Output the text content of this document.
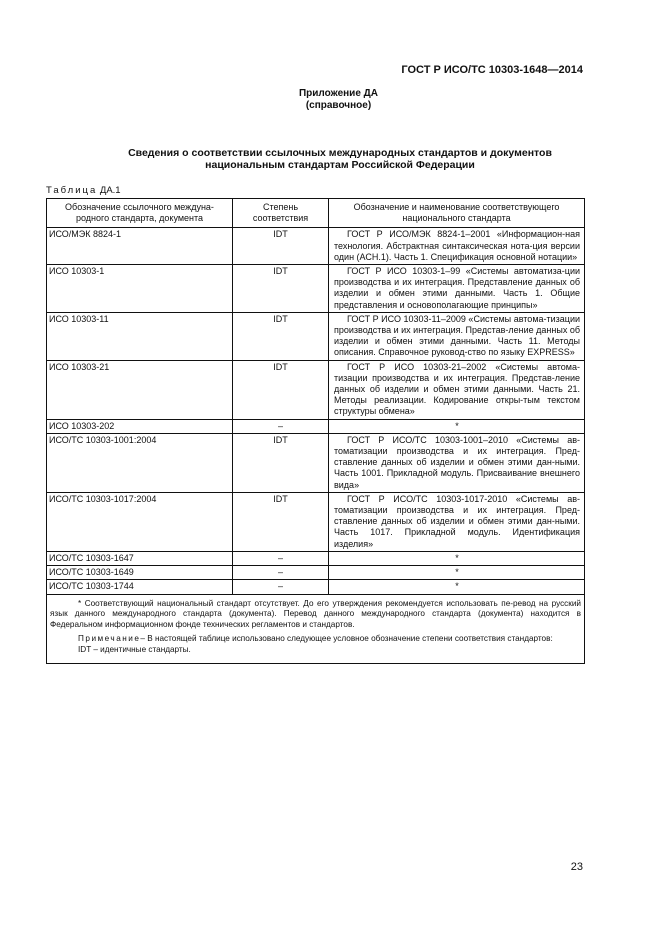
ГОСТ Р ИСО/ТС 10303-1648—2014
Приложение ДА
(справочное)
Сведения о соответствии ссылочных международных стандартов и документов
национальным стандартам Российской Федерации
Таблица ДА.1
Обозначение ссылочного междуна-родного стандарта, документа	Степень соответствия	Обозначение и наименование соответствующего национального стандарта
ИСО/МЭК 8824-1	IDT	ГОСТ Р ИСО/МЭК 8824-1–2001 «Информацион-ная технология. Абстрактная синтаксическая нота-ция версии один (АСН.1). Часть 1. Спецификация основной нотации»
ИСО 10303-1	IDT	ГОСТ Р ИСО 10303-1–99 «Системы автоматиза-ции производства и их интеграция. Представление данных об изделии и обмен этими данными. Часть 1. Общие представления и основополагающие принципы»
ИСО 10303-11	IDT	ГОСТ Р ИСО 10303-11–2009 «Системы автома-тизации производства и их интеграция. Представ-ление данных об изделии и обмен этими данными. Часть 11. Методы описания. Справочное руковод-ство по языку EXPRESS»
ИСО 10303-21	IDT	ГОСТ Р ИСО 10303-21–2002 «Системы автома-тизации производства и их интеграция. Представ-ление данных об изделии и обмен этими данными. Часть 21. Методы реализации. Кодирование откры-тым текстом структуры обмена»
ИСО 10303-202	–	*
ИСО/ТС 10303-1001:2004	IDT	ГОСТ Р ИСО/ТС 10303-1001–2010 «Системы ав-томатизации производства и их интеграция. Пред-ставление данных об изделии и обмен этими дан-ными. Часть 1001. Прикладной модуль. Присваивание внешнего вида»
ИСО/ТС 10303-1017:2004	IDT	ГОСТ Р ИСО/ТС 10303-1017-2010 «Системы ав-томатизации производства и их интеграция. Пред-ставление данных об изделии и обмен этими дан-ными. Часть 1017. Прикладной модуль. Идентификация изделия»
ИСО/ТС 10303-1647	–	*
ИСО/ТС 10303-1649	–	*
ИСО/ТС 10303-1744	–	*

* Соответствующий национальный стандарт отсутствует. До его утверждения рекомендуется использовать пе-ревод на русский язык данного международного стандарта (документа). Перевод данного международного стандарта (документа) находится в Федеральном информационном фонде технических регламентов и стандартов.

Примечание– В настоящей таблице использовано следующее условное обозначение степени соответствия стандартов:

IDT – идентичные стандарты.		

23
